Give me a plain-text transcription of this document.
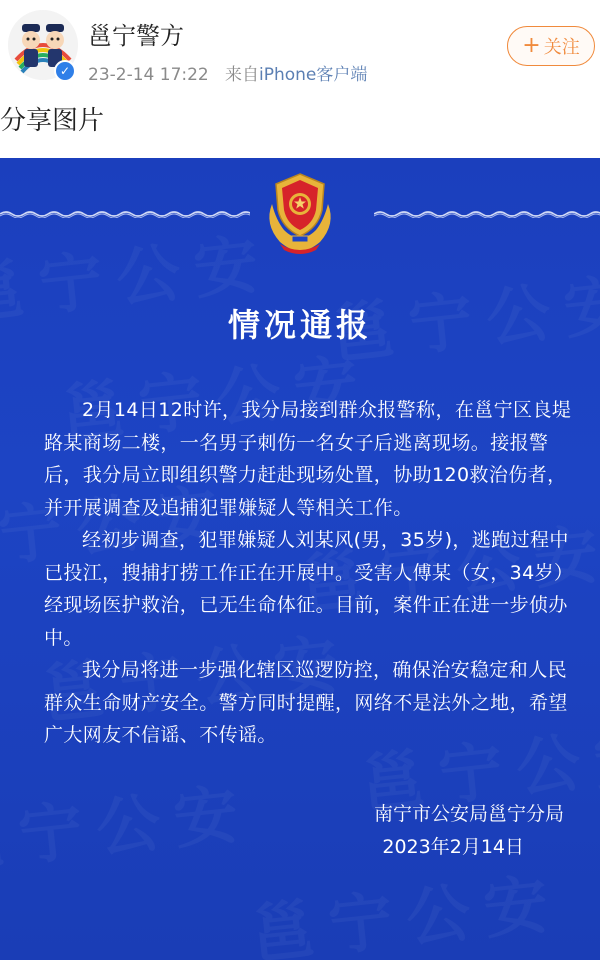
✓
邕宁警方
23-2-14 17:22 来自iPhone客户端
+ 关注
分享图片
情况通报

2月14日12时许，我分局接到群众报警称，在邕宁区良堤路某商场二楼，一名男子刺伤一名女子后逃离现场。接报警后，我分局立即组织警力赶赴现场处置，协助120救治伤者，并开展调查及追捕犯罪嫌疑人等相关工作。

经初步调查，犯罪嫌疑人刘某风(男，35岁)，逃跑过程中已投江，搜捕打捞工作正在开展中。受害人傅某（女，34岁）经现场医护救治，已无生命体征。目前，案件正在进一步侦办中。

我分局将进一步强化辖区巡逻防控，确保治安稳定和人民群众生命财产安全。警方同时提醒，网络不是法外之地，希望广大网友不信谣、不传谣。

南宁市公安局邕宁分局
2023年2月14日
